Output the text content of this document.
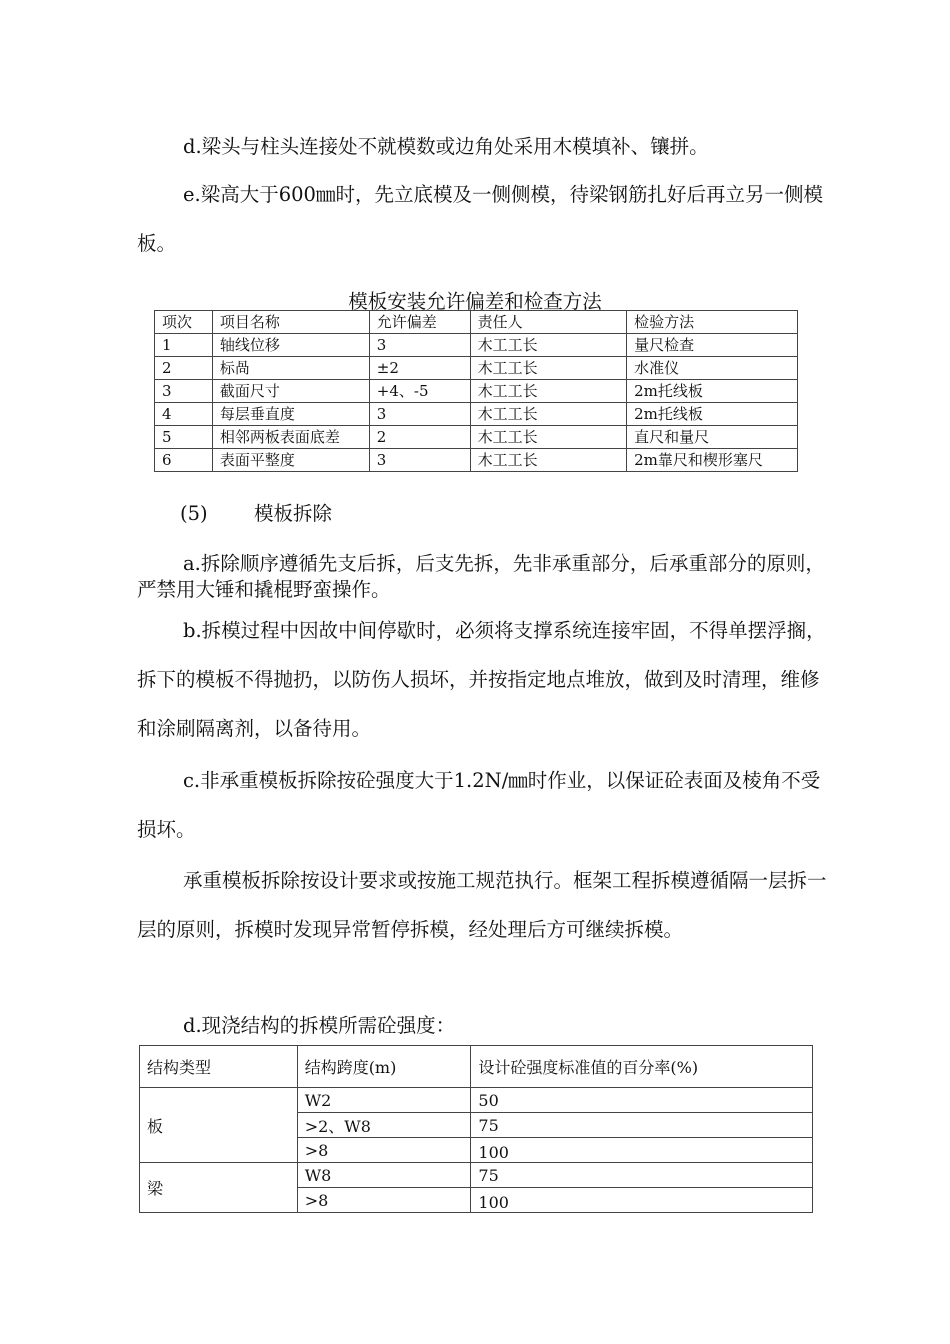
d.梁头与柱头连接处不就模数或边角处采用木模填补、镶拼。
e.梁高大于600㎜时，先立底模及一侧侧模，待梁钢筋扎好后再立另一侧模板。
模板安装允许偏差和检查方法
项次	项目名称	允许偏差	责任人	检验方法
1	轴线位移	3	木工工长	量尺检查
2	标咼	±2	木工工长	水准仪
3	截面尺寸	+4、-5	木工工长	2m托线板
4	每层垂直度	3	木工工长	2m托线板
5	相邻两板表面底差	2	木工工长	直尺和量尺
6	表面平整度	3	木工工长	2m靠尺和楔形塞尺
(5) 模板拆除
a.拆除顺序遵循先支后拆，后支先拆，先非承重部分，后承重部分的原则，严禁用大锤和撬棍野蛮操作。
b.拆模过程中因故中间停歇时，必须将支撑系统连接牢固，不得单摆浮搁，拆下的模板不得抛扔，以防伤人损坏，并按指定地点堆放，做到及时清理，维修和涂刷隔离剂，以备待用。
c.非承重模板拆除按砼强度大于1.2N/㎜时作业，以保证砼表面及棱角不受损坏。
承重模板拆除按设计要求或按施工规范执行。框架工程拆模遵循隔一层拆一层的原则，拆模时发现异常暂停拆模，经处理后方可继续拆模。
d.现浇结构的拆模所需砼强度：
结构类型	结构跨度(m)	设计砼强度标准值的百分率(%)
板	W2	50
	>2、W8	75
	>8	100
梁	W8	75
	>8	100
